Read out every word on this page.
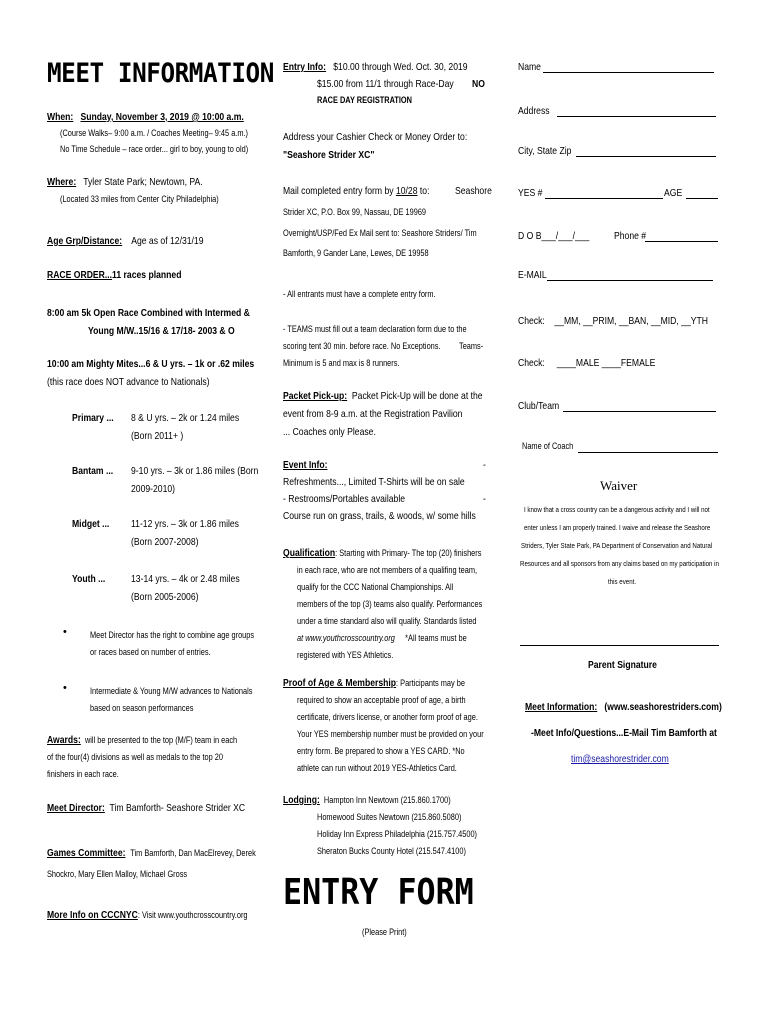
MEET INFORMATION
When: Sunday, November 3, 2019 @ 10:00 a.m.
(Course Walks– 9:00 a.m. / Coaches Meeting– 9:45 a.m.)
No Time Schedule – race order... girl to boy, young to old)
Where: Tyler State Park; Newtown, PA.
(Located 33 miles from Center City Philadelphia)
Age Grp/Distance: Age as of 12/31/19
RACE ORDER...11 races planned
8:00 am 5k Open Race Combined with Intermed &
Young M/W..15/16 & 17/18- 2003 & O
10:00 am Mighty Mites...6 & U yrs. – 1k or .62 miles
(this race does NOT advance to Nationals)
Primary ... 8 & U yrs. – 2k or 1.24 miles
(Born 2011+ )
Bantam ... 9-10 yrs. – 3k or 1.86 miles (Born
2009-2010)
Midget ... 11-12 yrs. – 3k or 1.86 miles
(Born 2007-2008)
Youth ... 13-14 yrs. – 4k or 2.48 miles
(Born 2005-2006)
•	Meet Director has the right to combine age groups
or races based on number of entries.
•	Intermediate & Young M/W advances to Nationals
based on season performances
Awards: will be presented to the top (M/F) team in each
of the four(4) divisions as well as medals to the top 20
finishers in each race.
Meet Director: Tim Bamforth- Seashore Strider XC
Games Committee: Tim Bamforth, Dan MacElrevey, Derek
Shockro, Mary Ellen Malloy, Michael Gross
More Info on CCCNYC: Visit www.youthcrosscountry.org
Entry Info: $10.00 through Wed. Oct. 30, 2019
$15.00 from 11/1 through Race-Day NO
RACE DAY REGISTRATION
Address your Cashier Check or Money Order to:
"Seashore Strider XC"
Mail completed entry form by 10/28 to: Seashore
Strider XC, P.O. Box 99, Nassau, DE 19969
Overnight/USP/Fed Ex Mail sent to: Seashore Striders/ Tim
Bamforth, 9 Gander Lane, Lewes, DE 19958
- All entrants must have a complete entry form.
- TEAMS must fill out a team declaration form due to the
scoring tent 30 min. before race. No Exceptions. Teams-
Minimum is 5 and max is 8 runners.
Packet Pick-up: Packet Pick-Up will be done at the
event from 8-9 a.m. at the Registration Pavilion
... Coaches only Please.
Event Info:	-
Refreshments..., Limited T-Shirts will be on sale
- Restrooms/Portables available	-
Course run on grass, trails, & woods, w/ some hills
Qualification: Starting with Primary- The top (20) finishers
in each race, who are not members of a qualifing team,
qualify for the CCC National Championships. All
members of the top (3) teams also qualify. Performances
under a time standard also will qualify. Standards listed
at www.youthcrosscountry.org *All teams must be
registered with YES Athletics.
Proof of Age & Membership: Participants may be
required to show an acceptable proof of age, a birth
certificate, drivers license, or another form proof of age.
Your YES membership number must be provided on your
entry form. Be prepared to show a YES CARD. *No
athlete can run without 2019 YES-Athletics Card.
Lodging: Hampton Inn Newtown (215.860.1700)
Homewood Suites Newtown (215.860.5080)
Holiday Inn Express Philadelphia (215.757.4500)
Sheraton Bucks County Hotel (215.547.4100)
ENTRY FORM
(Please Print)
Name
Address
City, State Zip
YES #	AGE
D O B___/___/___ Phone #
E-MAIL
Check: __MM, __PRIM, __BAN, __MID, __YTH
Check: ____MALE ____FEMALE
Club/Team
Name of Coach
Waiver
I know that a cross country can be a dangerous activity and I will not
enter unless I am properly trained. I waive and release the Seashore
Striders, Tyler State Park, PA Department of Conservation and Natural
Resources and all sponsors from any claims based on my participation in
this event.
Parent Signature
Meet Information: (www.seashorestriders.com)
-Meet Info/Questions...E-Mail Tim Bamforth at
tim@seashorestrider.com
